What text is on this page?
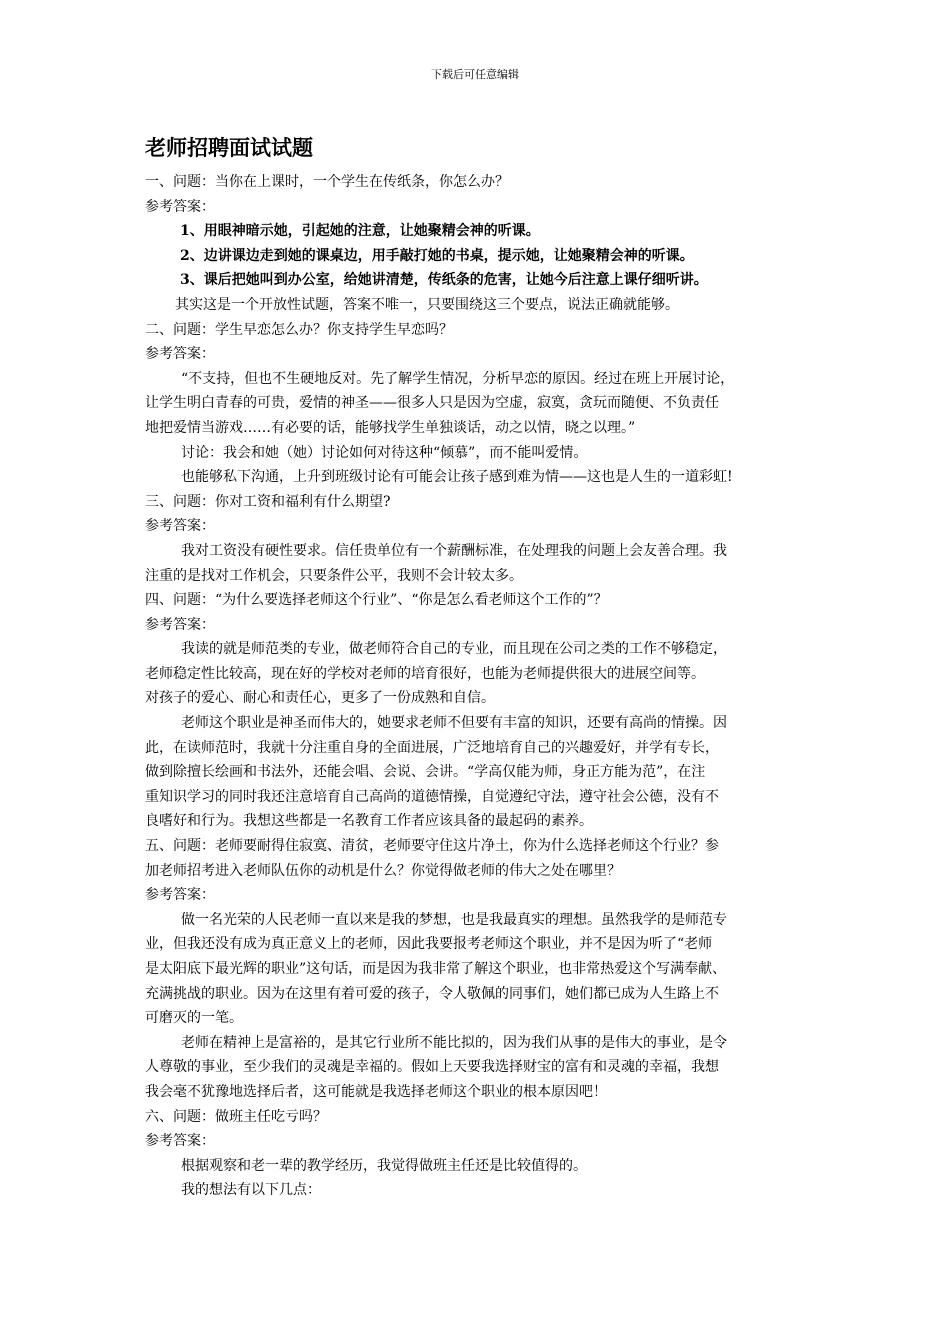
下载后可任意编辑
老师招聘面试试题

一、问题：当你在上课时，一个学生在传纸条，你怎么办？

参考答案：

1、用眼神暗示她，引起她的注意，让她聚精会神的听课。

2、边讲课边走到她的课桌边，用手敲打她的书桌，提示她，让她聚精会神的听课。

3、课后把她叫到办公室，给她讲清楚，传纸条的危害，让她今后注意上课仔细听讲。

其实这是一个开放性试题，答案不唯一，只要围绕这三个要点，说法正确就能够。

二、问题：学生早恋怎么办？你支持学生早恋吗？

参考答案：

“不支持，但也不生硬地反对。先了解学生情况，分析早恋的原因。经过在班上开展讨论，

让学生明白青春的可贵，爱情的神圣——很多人只是因为空虚，寂寞，贪玩而随便、不负责任

地把爱情当游戏……有必要的话，能够找学生单独谈话，动之以情，晓之以理。”

讨论：我会和她（她）讨论如何对待这种“倾慕”，而不能叫爱情。

也能够私下沟通，上升到班级讨论有可能会让孩子感到难为情——这也是人生的一道彩虹!

三、问题：你对工资和福利有什么期望?

参考答案：

我对工资没有硬性要求。信任贵单位有一个薪酬标准，在处理我的问题上会友善合理。我

注重的是找对工作机会，只要条件公平，我则不会计较太多。

四、问题：“为什么要选择老师这个行业”、“你是怎么看老师这个工作的”？

参考答案：

我读的就是师范类的专业，做老师符合自己的专业，而且现在公司之类的工作不够稳定，

老师稳定性比较高，现在好的学校对老师的培育很好，也能为老师提供很大的进展空间等。

对孩子的爱心、耐心和责任心，更多了一份成熟和自信。

老师这个职业是神圣而伟大的，她要求老师不但要有丰富的知识，还要有高尚的情操。因

此，在读师范时，我就十分注重自身的全面进展，广泛地培育自己的兴趣爱好，并学有专长，

做到除擅长绘画和书法外，还能会唱、会说、会讲。“学高仅能为师，身正方能为范”，在注

重知识学习的同时我还注意培育自己高尚的道德情操，自觉遵纪守法，遵守社会公德，没有不

良嗜好和行为。我想这些都是一名教育工作者应该具备的最起码的素养。

五、问题：老师要耐得住寂寞、清贫，老师要守住这片净土，你为什么选择老师这个行业？参

加老师招考进入老师队伍你的动机是什么？你觉得做老师的伟大之处在哪里？

参考答案：

做一名光荣的人民老师一直以来是我的梦想，也是我最真实的理想。虽然我学的是师范专

业，但我还没有成为真正意义上的老师，因此我要报考老师这个职业，并不是因为听了“老师

是太阳底下最光辉的职业”这句话，而是因为我非常了解这个职业，也非常热爱这个写满奉献、

充满挑战的职业。因为在这里有着可爱的孩子，令人敬佩的同事们，她们都已成为人生路上不

可磨灭的一笔。

老师在精神上是富裕的，是其它行业所不能比拟的，因为我们从事的是伟大的事业，是令

人尊敬的事业，至少我们的灵魂是幸福的。假如上天要我选择财宝的富有和灵魂的幸福，我想

我会毫不犹豫地选择后者，这可能就是我选择老师这个职业的根本原因吧！

六、问题：做班主任吃亏吗？

参考答案：

根据观察和老一辈的教学经历，我觉得做班主任还是比较值得的。

我的想法有以下几点：
